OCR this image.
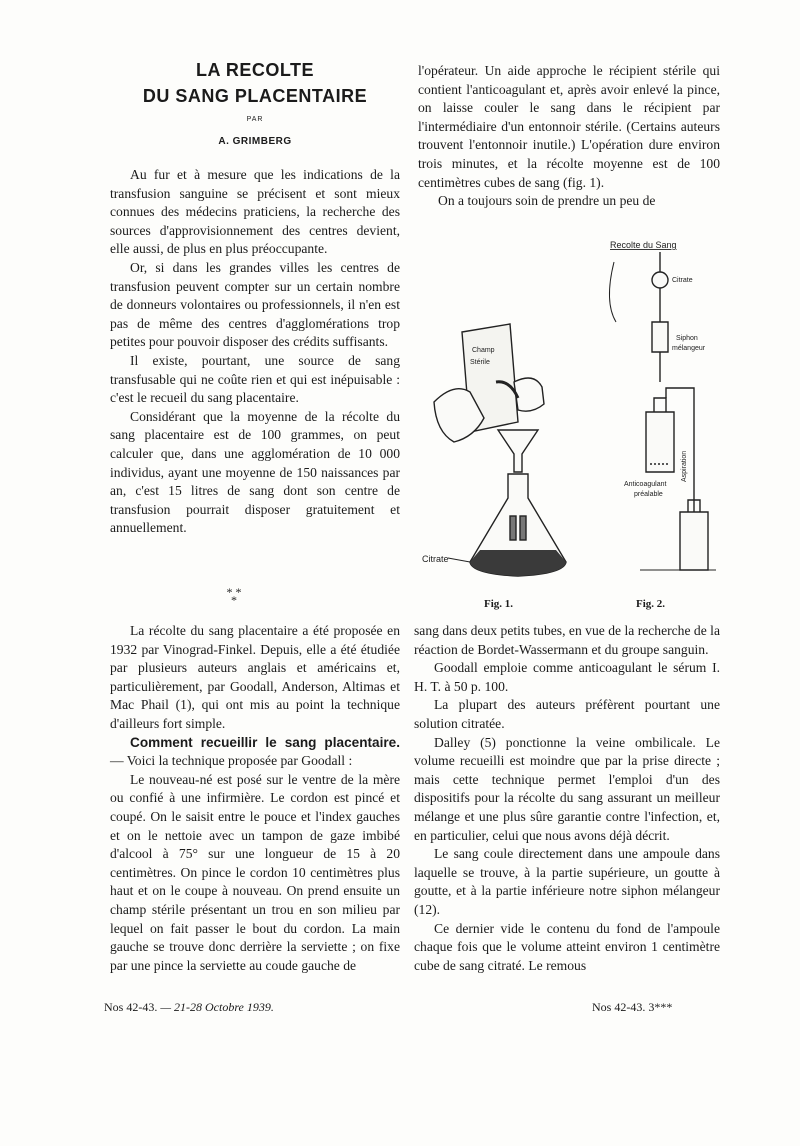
LA RECOLTE
DU SANG PLACENTAIRE
PAR
A. GRIMBERG

Au fur et à mesure que les indications de la transfusion sanguine se précisent et sont mieux connues des médecins praticiens, la recherche des sources d'approvisionnement des centres devient, elle aussi, de plus en plus préoccupante.

Or, si dans les grandes villes les centres de transfusion peuvent compter sur un certain nombre de donneurs volontaires ou professionnels, il n'en est pas de même des centres d'agglomérations trop petites pour pouvoir disposer des crédits suffisants.

Il existe, pourtant, une source de sang transfusable qui ne coûte rien et qui est inépuisable : c'est le recueil du sang placentaire.

Considérant que la moyenne de la récolte du sang placentaire est de 100 grammes, on peut calculer que, dans une agglomération de 10 000 individus, ayant une moyenne de 150 naissances par an, c'est 15 litres de sang dont son centre de transfusion pourrait disposer gratuitement et annuellement.

* * *

l'opérateur. Un aide approche le récipient stérile qui contient l'anticoagulant et, après avoir enlevé la pince, on laisse couler le sang dans le récipient par l'intermédiaire d'un entonnoir stérile. (Certains auteurs trouvent l'entonnoir inutile.) L'opération dure environ trois minutes, et la récolte moyenne est de 100 centimètres cubes de sang (fig. 1).

On a toujours soin de prendre un peu de

Recolte du Sang
Champ
Stérile
Citrate
Citrate
Siphon
mélangeur
Anticoagulant
préalable
Aspiration
Fig. 1.	Fig. 2.

La récolte du sang placentaire a été proposée en 1932 par Vinograd-Finkel. Depuis, elle a été étudiée par plusieurs auteurs anglais et américains et, particulièrement, par Goodall, Anderson, Altimas et Mac Phail (1), qui ont mis au point la technique d'ailleurs fort simple.

Comment recueillir le sang placentaire. — Voici la technique proposée par Goodall :

Le nouveau-né est posé sur le ventre de la mère ou confié à une infirmière. Le cordon est pincé et coupé. On le saisit entre le pouce et l'index gauches et on le nettoie avec un tampon de gaze imbibé d'alcool à 75° sur une longueur de 15 à 20 centimètres. On pince le cordon 10 centimètres plus haut et on le coupe à nouveau. On prend ensuite un champ stérile présentant un trou en son milieu par lequel on fait passer le bout du cordon. La main gauche se trouve donc derrière la serviette ; on fixe par une pince la serviette au coude gauche de

sang dans deux petits tubes, en vue de la recherche de la réaction de Bordet-Wassermann et du groupe sanguin.

Goodall emploie comme anticoagulant le sérum I. H. T. à 50 p. 100.

La plupart des auteurs préfèrent pourtant une solution citratée.

Dalley (5) ponctionne la veine ombilicale. Le volume recueilli est moindre que par la prise directe ; mais cette technique permet l'emploi d'un des dispositifs pour la récolte du sang assurant un meilleur mélange et une plus sûre garantie contre l'infection, et, en particulier, celui que nous avons déjà décrit.

Le sang coule directement dans une ampoule dans laquelle se trouve, à la partie supérieure, un goutte à goutte, et à la partie inférieure notre siphon mélangeur (12).

Ce dernier vide le contenu du fond de l'ampoule chaque fois que le volume atteint environ 1 centimètre cube de sang citraté. Le remous

Nos 42-43. — 21-28 Octobre 1939.	Nos 42-43. 3***
